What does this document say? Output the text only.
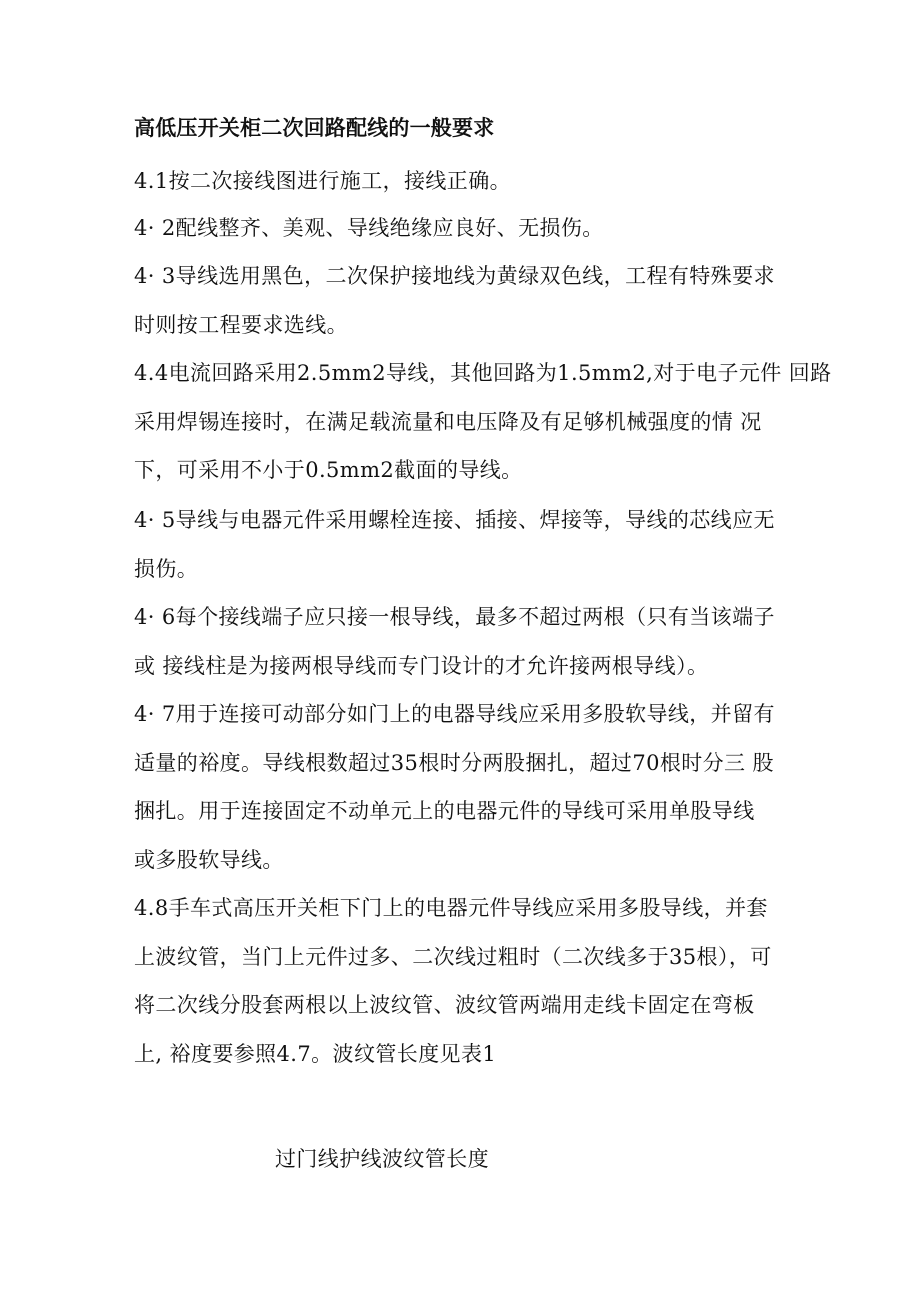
高低压开关柜二次回路配线的一般要求
4.1按二次接线图进行施工，接线正确。
4· 2配线整齐、美观、导线绝缘应良好、无损伤。
4· 3导线选用黑色，二次保护接地线为黄绿双色线，工程有特殊要求
时则按工程要求选线。
4.4电流回路采用2.5mm2导线，其他回路为1.5mm2,对于电子元件 回路
采用焊锡连接时，在满足载流量和电压降及有足够机械强度的情 况
下，可采用不小于0.5mm2截面的导线。
4· 5导线与电器元件采用螺栓连接、插接、焊接等，导线的芯线应无
损伤。
4· 6每个接线端子应只接一根导线，最多不超过两根（只有当该端子
或 接线柱是为接两根导线而专门设计的才允许接两根导线）。
4· 7用于连接可动部分如门上的电器导线应采用多股软导线，并留有
适量的裕度。导线根数超过35根时分两股捆扎，超过70根时分三 股
捆扎。用于连接固定不动单元上的电器元件的导线可采用单股导线
或多股软导线。
4.8手车式高压开关柜下门上的电器元件导线应采用多股导线，并套
上波纹管，当门上元件过多、二次线过粗时（二次线多于35根），可
将二次线分股套两根以上波纹管、波纹管两端用走线卡固定在弯板
上, 裕度要参照4.7。波纹管长度见表1
过门线护线波纹管长度
